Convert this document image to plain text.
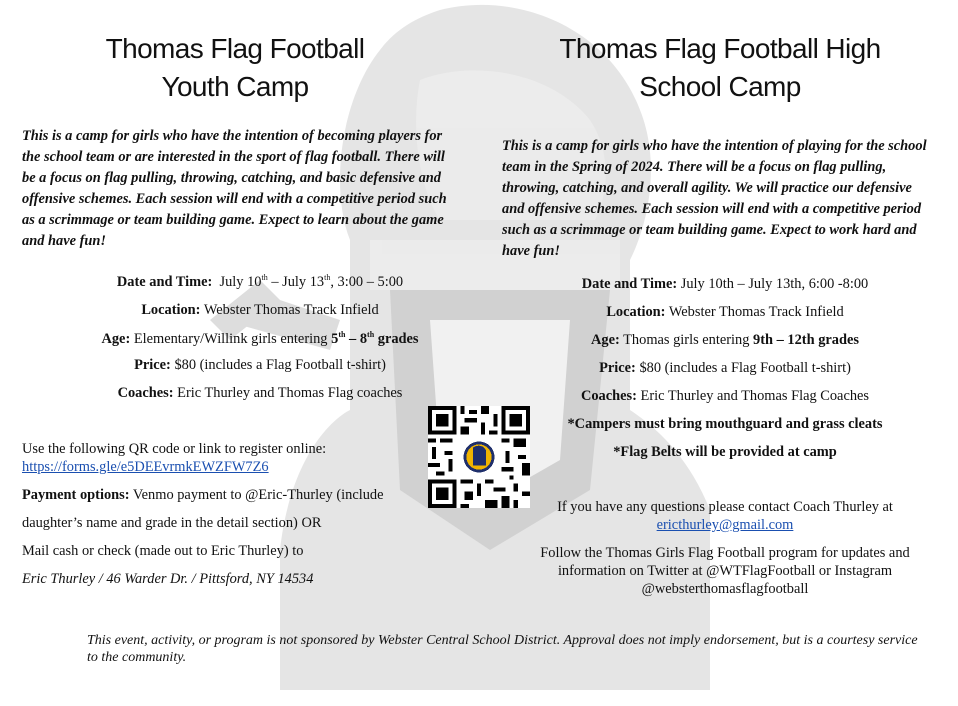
Thomas Flag Football
Youth Camp
This is a camp for girls who have the intention of becoming players for the school team or are interested in the sport of flag football. There will be a focus on flag pulling, throwing, catching, and basic defensive and offensive schemes. Each session will end with a competitive period such as a scrimmage or team building game. Expect to learn about the game and have fun!
Date and Time: July 10th – July 13th, 3:00 – 5:00
Location: Webster Thomas Track Infield
Age: Elementary/Willink girls entering 5th – 8th grades
Price: $80 (includes a Flag Football t-shirt)
Coaches: Eric Thurley and Thomas Flag coaches
Use the following QR code or link to register online:
https://forms.gle/e5DEEvrmkEWZFW7Z6
Payment options: Venmo payment to @Eric-Thurley (include
daughter’s name and grade in the detail section) OR
Mail cash or check (made out to Eric Thurley) to
Eric Thurley / 46 Warder Dr. / Pittsford, NY 14534
Thomas Flag Football High
School Camp
This is a camp for girls who have the intention of playing for the school team in the Spring of 2024. There will be a focus on flag pulling, throwing, catching, and overall agility. We will practice our defensive and offensive schemes. Each session will end with a competitive period such as a scrimmage or team building game. Expect to work hard and have fun!
Date and Time: July 10th – July 13th, 6:00 -8:00
Location: Webster Thomas Track Infield
Age: Thomas girls entering 9th – 12th grades
Price: $80 (includes a Flag Football t-shirt)
Coaches: Eric Thurley and Thomas Flag Coaches
*Campers must bring mouthguard and grass cleats
*Flag Belts will be provided at camp
If you have any questions please contact Coach Thurley at
ericthurley@gmail.com
Follow the Thomas Girls Flag Football program for updates and
information on Twitter at @WTFlagFootball or Instagram
@websterthomasflagfootball
This event, activity, or program is not sponsored by Webster Central School District. Approval does not imply endorsement, but is a courtesy service to the community.
